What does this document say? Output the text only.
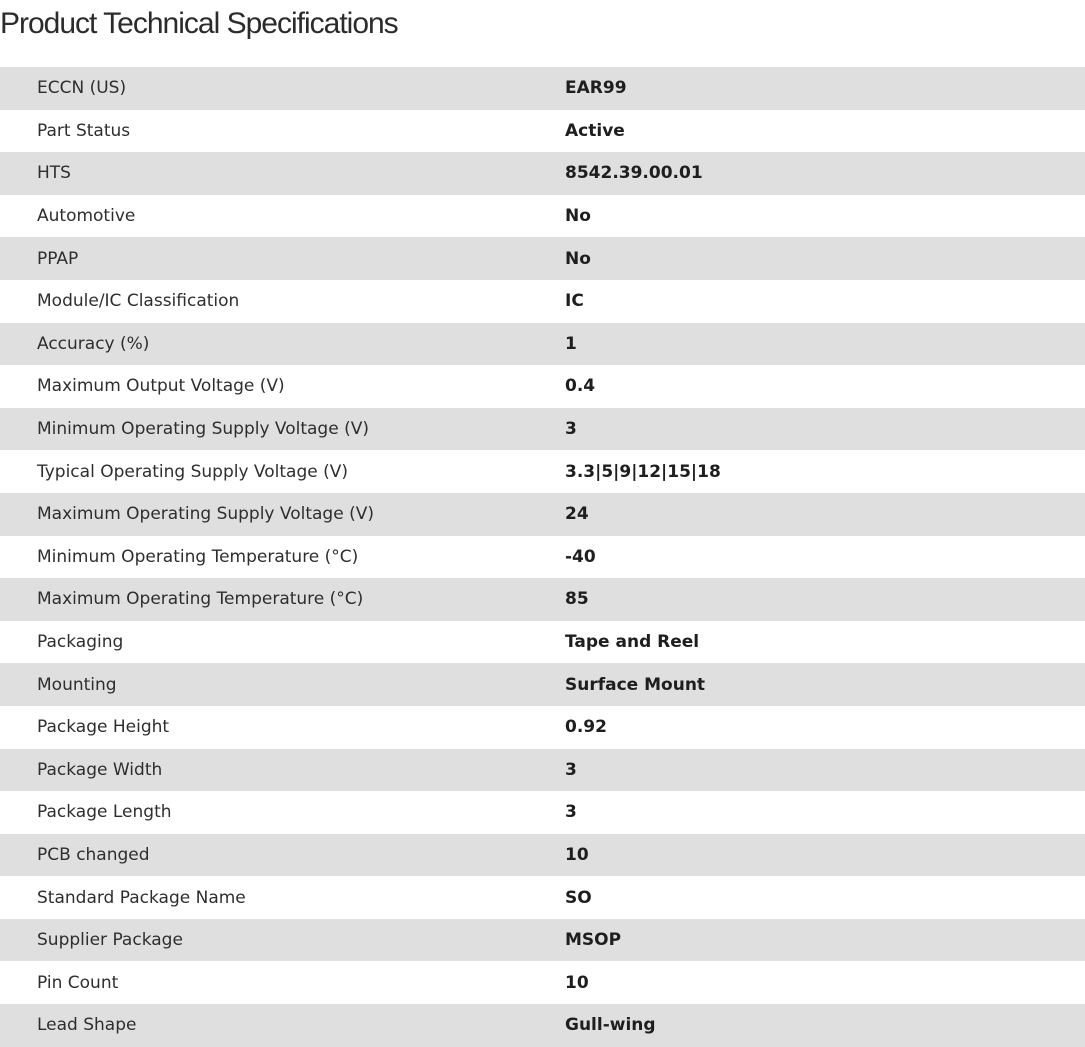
Product Technical Specifications
ECCN (US)	EAR99
Part Status	Active
HTS	8542.39.00.01
Automotive	No
PPAP	No
Module/IC Classification	IC
Accuracy (%)	1
Maximum Output Voltage (V)	0.4
Minimum Operating Supply Voltage (V)	3
Typical Operating Supply Voltage (V)	3.3|5|9|12|15|18
Maximum Operating Supply Voltage (V)	24
Minimum Operating Temperature (°C)	-40
Maximum Operating Temperature (°C)	85
Packaging	Tape and Reel
Mounting	Surface Mount
Package Height	0.92
Package Width	3
Package Length	3
PCB changed	10
Standard Package Name	SO
Supplier Package	MSOP
Pin Count	10
Lead Shape	Gull-wing
